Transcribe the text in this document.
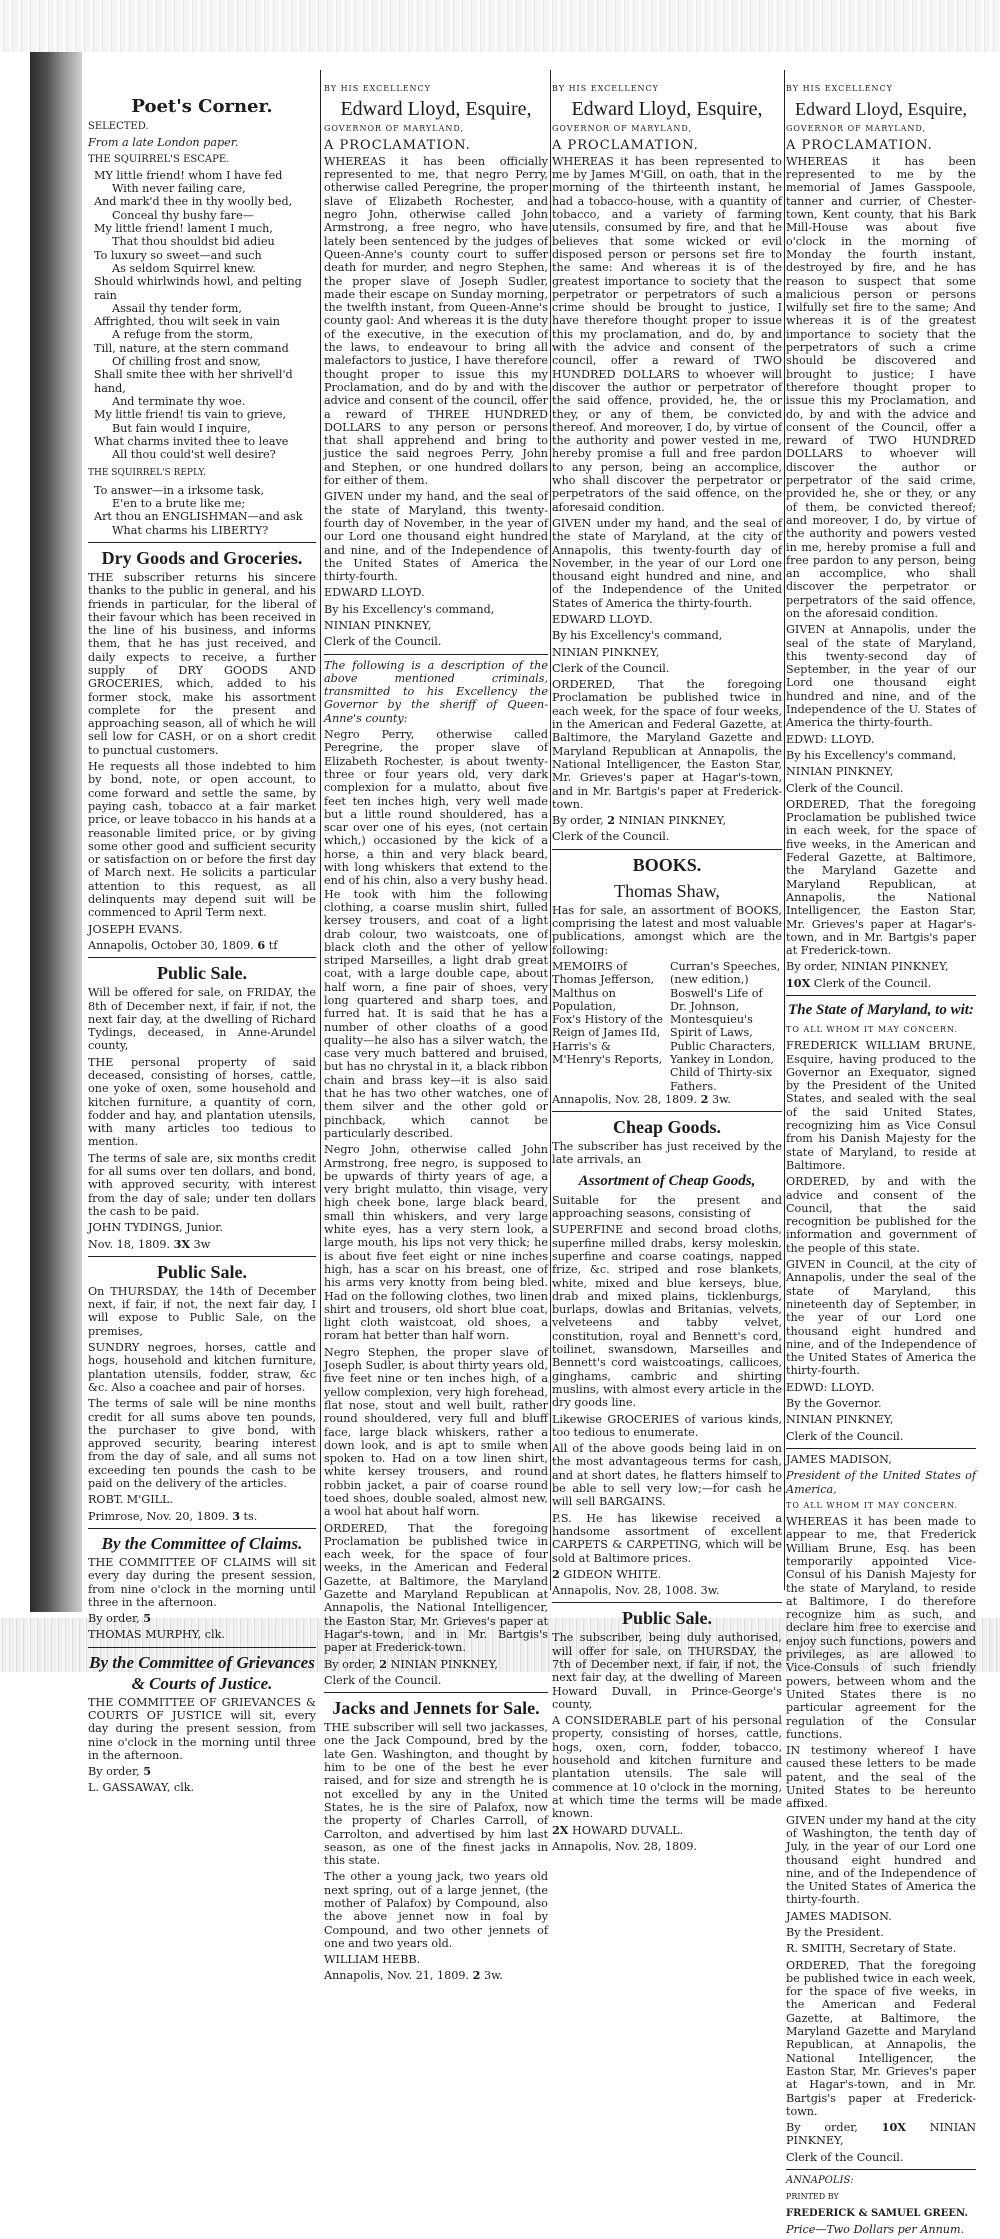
Poet's Corner.

SELECTED.

From a late London paper.

THE SQUIRREL'S ESCAPE.

MY little friend! whom I have fed
With never failing care,
And mark'd thee in thy woolly bed,
Conceal thy bushy fare—
My little friend! lament I much,
That thou shouldst bid adieu
To luxury so sweet—and such
As seldom Squirrel knew.
Should whirlwinds howl, and pelting rain
Assail thy tender form,
Affrighted, thou wilt seek in vain
A refuge from the storm,
Till, nature, at the stern command
Of chilling frost and snow,
Shall smite thee with her shrivell'd hand,
And terminate thy woe.
My little friend! tis vain to grieve,
But fain would I inquire,
What charms invited thee to leave
All thou could'st well desire?

THE SQUIRREL'S REPLY.

To answer—in a irksome task,
E'en to a brute like me;
Art thou an ENGLISHMAN—and ask
What charms his LIBERTY?
Dry Goods and Groceries.

THE subscriber returns his sincere thanks to the public in general, and his friends in particular, for the liberal of their favour which has been received in the line of his business, and informs them, that he has just received, and daily expects to receive, a further supply of DRY GOODS AND GROCERIES, which, added to his former stock, make his assortment complete for the present and approaching season, all of which he will sell low for CASH, or on a short credit to punctual customers.

He requests all those indebted to him by bond, note, or open account, to come forward and settle the same, by paying cash, tobacco at a fair market price, or leave tobacco in his hands at a reasonable limited price, or by giving some other good and sufficient security or satisfaction on or before the first day of March next. He solicits a particular attention to this request, as all delinquents may depend suit will be commenced to April Term next.

JOSEPH EVANS.

Annapolis, October 30, 1809. 6 tf

Public Sale.

Will be offered for sale, on FRIDAY, the 8th of December next, if fair, if not, the next fair day, at the dwelling of Richard Tydings, deceased, in Anne-Arundel county,

THE personal property of said deceased, consisting of horses, cattle, one yoke of oxen, some household and kitchen furniture, a quantity of corn, fodder and hay, and plantation utensils, with many articles too tedious to mention.

The terms of sale are, six months credit for all sums over ten dollars, and bond, with approved security, with interest from the day of sale; under ten dollars the cash to be paid.

JOHN TYDINGS, Junior.

Nov. 18, 1809. 3X 3w

Public Sale.

On THURSDAY, the 14th of December next, if fair, if not, the next fair day, I will expose to Public Sale, on the premises,

SUNDRY negroes, horses, cattle and hogs, household and kitchen furniture, plantation utensils, fodder, straw, &c &c. Also a coachee and pair of horses.

The terms of sale will be nine months credit for all sums above ten pounds, the purchaser to give bond, with approved security, bearing interest from the day of sale, and all sums not exceeding ten pounds the cash to be paid on the delivery of the articles.

ROBT. M'GILL.

Primrose, Nov. 20, 1809. 3 ts.

By the Committee of Claims.

THE COMMITTEE OF CLAIMS will sit every day during the present session, from nine o'clock in the morning until three in the afternoon.

By order, 5

THOMAS MURPHY, clk.

By the Committee of Grievances & Courts of Justice.

THE COMMITTEE OF GRIEVANCES & COURTS OF JUSTICE will sit, every day during the present session, from nine o'clock in the morning until three in the afternoon.

By order, 5

L. GASSAWAY, clk.

BY HIS EXCELLENCY

Edward Lloyd, Esquire,

GOVERNOR OF MARYLAND,

A PROCLAMATION.

WHEREAS it has been officially represented to me, that negro Perry, otherwise called Peregrine, the proper slave of Elizabeth Rochester, and negro John, otherwise called John Armstrong, a free negro, who have lately been sentenced by the judges of Queen-Anne's county court to suffer death for murder, and negro Stephen, the proper slave of Joseph Sudler, made their escape on Sunday morning, the twelfth instant, from Queen-Anne's county gaol: And whereas it is the duty of the executive, in the execution of the laws, to endeavour to bring all malefactors to justice, I have therefore thought proper to issue this my Proclamation, and do by and with the advice and consent of the council, offer a reward of THREE HUNDRED DOLLARS to any person or persons that shall apprehend and bring to justice the said negroes Perry, John and Stephen, or one hundred dollars for either of them.

GIVEN under my hand, and the seal of the state of Maryland, this twenty-fourth day of November, in the year of our Lord one thousand eight hundred and nine, and of the Independence of the United States of America the thirty-fourth.

EDWARD LLOYD.

By his Excellency's command,

NINIAN PINKNEY,

Clerk of the Council.

The following is a description of the above mentioned criminals, transmitted to his Excellency the Governor by the sheriff of Queen-Anne's county:

Negro Perry, otherwise called Peregrine, the proper slave of Elizabeth Rochester, is about twenty-three or four years old, very dark complexion for a mulatto, about five feet ten inches high, very well made but a little round shouldered, has a scar over one of his eyes, (not certain which,) occasioned by the kick of a horse, a thin and very black beard, with long whiskers that extend to the end of his chin, also a very bushy head. He took with him the following clothing, a coarse muslin shirt, fulled kersey trousers, and coat of a light drab colour, two waistcoats, one of black cloth and the other of yellow striped Marseilles, a light drab great coat, with a large double cape, about half worn, a fine pair of shoes, very long quartered and sharp toes, and furred hat. It is said that he has a number of other cloaths of a good quality—he also has a silver watch, the case very much battered and bruised, but has no chrystal in it, a black ribbon chain and brass key—it is also said that he has two other watches, one of them silver and the other gold or pinchback, which cannot be particularly described.

Negro John, otherwise called John Armstrong, free negro, is supposed to be upwards of thirty years of age, a very bright mulatto, thin visage, very high cheek bone, large black beard, small thin whiskers, and very large white eyes, has a very stern look, a large mouth, his lips not very thick; he is about five feet eight or nine inches high, has a scar on his breast, one of his arms very knotty from being bled. Had on the following clothes, two linen shirt and trousers, old short blue coat, light cloth waistcoat, old shoes, a roram hat better than half worn.

Negro Stephen, the proper slave of Joseph Sudler, is about thirty years old, five feet nine or ten inches high, of a yellow complexion, very high forehead, flat nose, stout and well built, rather round shouldered, very full and bluff face, large black whiskers, rather a down look, and is apt to smile when spoken to. Had on a tow linen shirt, white kersey trousers, and round robbin jacket, a pair of coarse round toed shoes, double soaled, almost new, a wool hat about half worn.

ORDERED, That the foregoing Proclamation be published twice in each week, for the space of four weeks, in the American and Federal Gazette, at Baltimore, the Maryland Gazette and Maryland Republican at Annapolis, the National Intelligencer, the Easton Star, Mr. Grieves's paper at Hagar's-town, and in Mr. Bartgis's paper at Frederick-town.

By order, 2 NINIAN PINKNEY,

Clerk of the Council.

Jacks and Jennets for Sale.

THE subscriber will sell two jackasses, one the Jack Compound, bred by the late Gen. Washington, and thought by him to be one of the best he ever raised, and for size and strength he is not excelled by any in the United States, he is the sire of Palafox, now the property of Charles Carroll, of Carrolton, and advertised by him last season, as one of the finest jacks in this state.

The other a young jack, two years old next spring, out of a large jennet, (the mother of Palafox) by Compound, also the above jennet now in foal by Compound, and two other jennets of one and two years old.

WILLIAM HEBB.

Annapolis, Nov. 21, 1809. 2 3w.

BY HIS EXCELLENCY

Edward Lloyd, Esquire,

GOVERNOR OF MARYLAND,

A PROCLAMATION.

WHEREAS it has been represented to me by James M'Gill, on oath, that in the morning of the thirteenth instant, he had a tobacco-house, with a quantity of tobacco, and a variety of farming utensils, consumed by fire, and that he believes that some wicked or evil disposed person or persons set fire to the same: And whereas it is of the greatest importance to society that the perpetrator or perpetrators of such a crime should be brought to justice, I have therefore thought proper to issue this my proclamation, and do, by and with the advice and consent of the council, offer a reward of TWO HUNDRED DOLLARS to whoever will discover the author or perpetrator of the said offence, provided, he, the or they, or any of them, be convicted thereof. And moreover, I do, by virtue of the authority and power vested in me, hereby promise a full and free pardon to any person, being an accomplice, who shall discover the perpetrator or perpetrators of the said offence, on the aforesaid condition.

GIVEN under my hand, and the seal of the state of Maryland, at the city of Annapolis, this twenty-fourth day of November, in the year of our Lord one thousand eight hundred and nine, and of the Independence of the United States of America the thirty-fourth.

EDWARD LLOYD.

By his Excellency's command,

NINIAN PINKNEY,

Clerk of the Council.

ORDERED, That the foregoing Proclamation be published twice in each week, for the space of four weeks, in the American and Federal Gazette, at Baltimore, the Maryland Gazette and Maryland Republican at Annapolis, the National Intelligencer, the Easton Star, Mr. Grieves's paper at Hagar's-town, and in Mr. Bartgis's paper at Frederick-town.

By order, 2 NINIAN PINKNEY,

Clerk of the Council.

BOOKS.
Thomas Shaw,

Has for sale, an assortment of BOOKS, comprising the latest and most valuable publications, amongst which are the following:

MEMOIRS of Thomas Jefferson,
Malthus on Population,
Fox's History of the Reign of James IId,
Harris's & M'Henry's Reports,
Curran's Speeches, (new edition,)
Boswell's Life of Dr. Johnson,
Montesquieu's Spirit of Laws,
Public Characters,
Yankey in London,
Child of Thirty-six Fathers.

Annapolis, Nov. 28, 1809. 2 3w.

Cheap Goods.

The subscriber has just received by the late arrivals, an

Assortment of Cheap Goods,

Suitable for the present and approaching seasons, consisting of

SUPERFINE and second broad cloths, superfine milled drabs, kersy moleskin, superfine and coarse coatings, napped frize, &c. striped and rose blankets, white, mixed and blue kerseys, blue, drab and mixed plains, ticklenburgs, burlaps, dowlas and Britanias, velvets, velveteens and tabby velvet, constitution, royal and Bennett's cord, toilinet, swansdown, Marseilles and Bennett's cord waistcoatings, callicoes, ginghams, cambric and shirting muslins, with almost every article in the dry goods line.

Likewise GROCERIES of various kinds, too tedious to enumerate.

All of the above goods being laid in on the most advantageous terms for cash, and at short dates, he flatters himself to be able to sell very low;—for cash he will sell BARGAINS.

P.S. He has likewise received a handsome assortment of excellent CARPETS & CARPETING, which will be sold at Baltimore prices.

2 GIDEON WHITE.

Annapolis, Nov. 28, 1008. 3w.

Public Sale.

The subscriber, being duly authorised, will offer for sale, on THURSDAY, the 7th of December next, if fair, if not, the next fair day, at the dwelling of Mareen Howard Duvall, in Prince-George's county,

A CONSIDERABLE part of his personal property, consisting of horses, cattle, hogs, oxen, corn, fodder, tobacco, household and kitchen furniture and plantation utensils. The sale will commence at 10 o'clock in the morning, at which time the terms will be made known.

2X HOWARD DUVALL.

Annapolis, Nov. 28, 1809.

BY HIS EXCELLENCY

Edward Lloyd, Esquire,

GOVERNOR OF MARYLAND,

A PROCLAMATION.

WHEREAS it has been represented to me by the memorial of James Gasspoole, tanner and currier, of Chester-town, Kent county, that his Bark Mill-House was about five o'clock in the morning of Monday the fourth instant, destroyed by fire, and he has reason to suspect that some malicious person or persons wilfully set fire to the same; And whereas it is of the greatest importance to society that the perpetrators of such a crime should be discovered and brought to justice; I have therefore thought proper to issue this my Proclamation, and do, by and with the advice and consent of the Council, offer a reward of TWO HUNDRED DOLLARS to whoever will discover the author or perpetrator of the said crime, provided he, she or they, or any of them, be convicted thereof; and moreover, I do, by virtue of the authority and powers vested in me, hereby promise a full and free pardon to any person, being an accomplice, who shall discover the perpetrator or perpetrators of the said offence, on the aforesaid condition.

GIVEN at Annapolis, under the seal of the state of Maryland, this twenty-second day of September, in the year of our Lord one thousand eight hundred and nine, and of the Independence of the U. States of America the thirty-fourth.

EDWD: LLOYD.

By his Excellency's command,

NINIAN PINKNEY,

Clerk of the Council.

ORDERED, That the foregoing Proclamation be published twice in each week, for the space of five weeks, in the American and Federal Gazette, at Baltimore, the Maryland Gazette and Maryland Republican, at Annapolis, the National Intelligencer, the Easton Star, Mr. Grieves's paper at Hagar's-town, and in Mr. Bartgis's paper at Frederick-town.

By order, NINIAN PINKNEY,

10X Clerk of the Council.

The State of Maryland, to wit:

TO ALL WHOM IT MAY CONCERN.

FREDERICK WILLIAM BRUNE, Esquire, having produced to the Governor an Exequator, signed by the President of the United States, and sealed with the seal of the said United States, recognizing him as Vice Consul from his Danish Majesty for the state of Maryland, to reside at Baltimore.

ORDERED, by and with the advice and consent of the Council, that the said recognition be published for the information and government of the people of this state.

GIVEN in Council, at the city of Annapolis, under the seal of the state of Maryland, this nineteenth day of September, in the year of our Lord one thousand eight hundred and nine, and of the Independence of the United States of America the thirty-fourth.

EDWD: LLOYD.

By the Governor.

NINIAN PINKNEY,

Clerk of the Council.

JAMES MADISON,

President of the United States of America,

TO ALL WHOM IT MAY CONCERN.

WHEREAS it has been made to appear to me, that Frederick William Brune, Esq. has been temporarily appointed Vice-Consul of his Danish Majesty for the state of Maryland, to reside at Baltimore, I do therefore recognize him as such, and declare him free to exercise and enjoy such functions, powers and privileges, as are allowed to Vice-Consuls of such friendly powers, between whom and the United States there is no particular agreement for the regulation of the Consular functions.

IN testimony whereof I have caused these letters to be made patent, and the seal of the United States to be hereunto affixed.

GIVEN under my hand at the city of Washington, the tenth day of July, in the year of our Lord one thousand eight hundred and nine, and of the Independence of the United States of America the thirty-fourth.

JAMES MADISON.

By the President.

R. SMITH, Secretary of State.

ORDERED, That the foregoing be published twice in each week, for the space of five weeks, in the American and Federal Gazette, at Baltimore, the Maryland Gazette and Maryland Republican, at Annapolis, the National Intelligencer, the Easton Star, Mr. Grieves's paper at Hagar's-town, and in Mr. Bartgis's paper at Frederick-town.

By order, 10X NINIAN PINKNEY,

Clerk of the Council.

ANNAPOLIS:

PRINTED BY

FREDERICK & SAMUEL GREEN.

Price—Two Dollars per Annum.
